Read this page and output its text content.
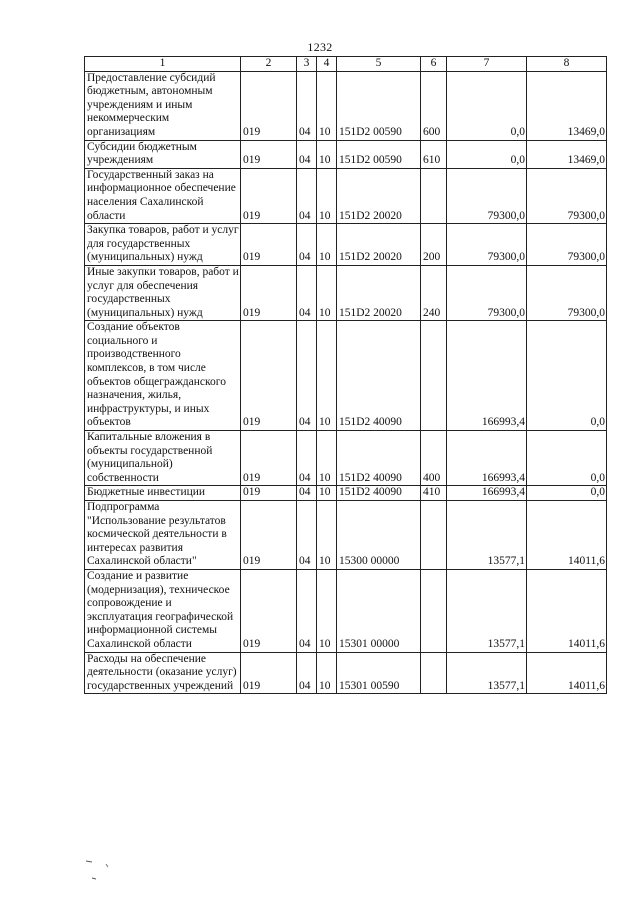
1232
1	2	3	4	5	6	7	8
Предоставление субсидий бюджетным, автономным учреждениям и иным некоммерческим организациям	019	04	10	151D2 00590	600	0,0	13469,0
Субсидии бюджетным учреждениям	019	04	10	151D2 00590	610	0,0	13469,0
Государственный заказ на информационное обеспечение населения Сахалинской области	019	04	10	151D2 20020		79300,0	79300,0
Закупка товаров, работ и услуг для государственных (муниципальных) нужд	019	04	10	151D2 20020	200	79300,0	79300,0
Иные закупки товаров, работ и услуг для обеспечения государственных (муниципальных) нужд	019	04	10	151D2 20020	240	79300,0	79300,0
Создание объектов социального и производственного комплексов, в том числе объектов общегражданского назначения, жилья, инфраструктуры, и иных объектов	019	04	10	151D2 40090		166993,4	0,0
Капитальные вложения в объекты государственной (муниципальной) собственности	019	04	10	151D2 40090	400	166993,4	0,0
Бюджетные инвестиции	019	04	10	151D2 40090	410	166993,4	0,0
Подпрограмма "Использование результатов космической деятельности в интересах развития Сахалинской области"	019	04	10	15300 00000		13577,1	14011,6
Создание и развитие (модернизация), техническое сопровождение и эксплуатация географической информационной системы Сахалинской области	019	04	10	15301 00000		13577,1	14011,6
Расходы на обеспечение деятельности (оказание услуг) государственных учреждений	019	04	10	15301 00590		13577,1	14011,6
